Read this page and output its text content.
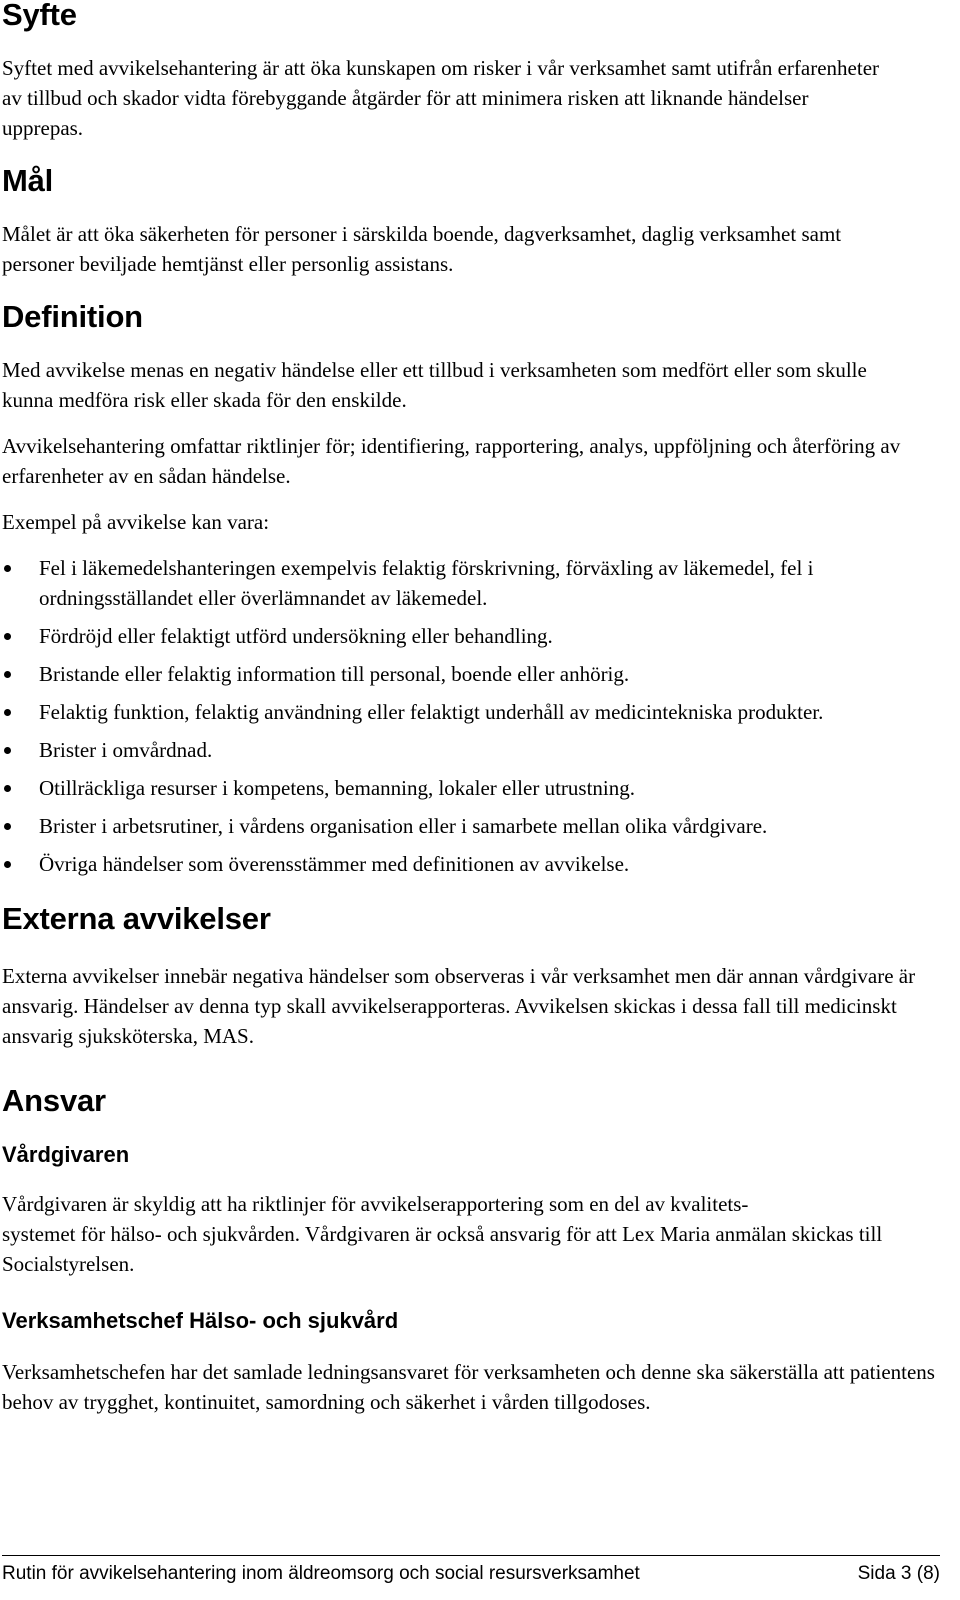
Syfte

Syftet med avvikelsehantering är att öka kunskapen om risker i vår verksamhet samt utifrån erfarenheter av tillbud och skador vidta förebyggande åtgärder för att minimera risken att liknande händelser upprepas.

Mål

Målet är att öka säkerheten för personer i särskilda boende, dagverksamhet, daglig verksamhet samt personer beviljade hemtjänst eller personlig assistans.

Definition

Med avvikelse menas en negativ händelse eller ett tillbud i verksamheten som medfört eller som skulle kunna medföra risk eller skada för den enskilde.

Avvikelsehantering omfattar riktlinjer för; identifiering, rapportering, analys, uppföljning och återföring av erfarenheter av en sådan händelse.

Exempel på avvikelse kan vara:

Fel i läkemedelshanteringen exempelvis felaktig förskrivning, förväxling av läkemedel, fel i ordningsställandet eller överlämnandet av läkemedel.
Fördröjd eller felaktigt utförd undersökning eller behandling.
Bristande eller felaktig information till personal, boende eller anhörig.
Felaktig funktion, felaktig användning eller felaktigt underhåll av medicintekniska produkter.
Brister i omvårdnad.
Otillräckliga resurser i kompetens, bemanning, lokaler eller utrustning.
Brister i arbetsrutiner, i vårdens organisation eller i samarbete mellan olika vårdgivare.
Övriga händelser som överensstämmer med definitionen av avvikelse.
Externa avvikelser

Externa avvikelser innebär negativa händelser som observeras i vår verksamhet men där annan vårdgivare är ansvarig. Händelser av denna typ skall avvikelserapporteras. Avvikelsen skickas i dessa fall till medicinskt ansvarig sjuksköterska, MAS.

Ansvar
Vårdgivaren

Vårdgivaren är skyldig att ha riktlinjer för avvikelserapportering som en del av kvalitets-
systemet för hälso- och sjukvården. Vårdgivaren är också ansvarig för att Lex Maria anmälan skickas till Socialstyrelsen.

Verksamhetschef Hälso- och sjukvård

Verksamhetschefen har det samlade ledningsansvaret för verksamheten och denne ska säkerställa att patientens behov av trygghet, kontinuitet, samordning och säkerhet i vården tillgodoses.

Rutin för avvikelsehantering inom äldreomsorg och social resursverksamhet	Sida 3 (8)
